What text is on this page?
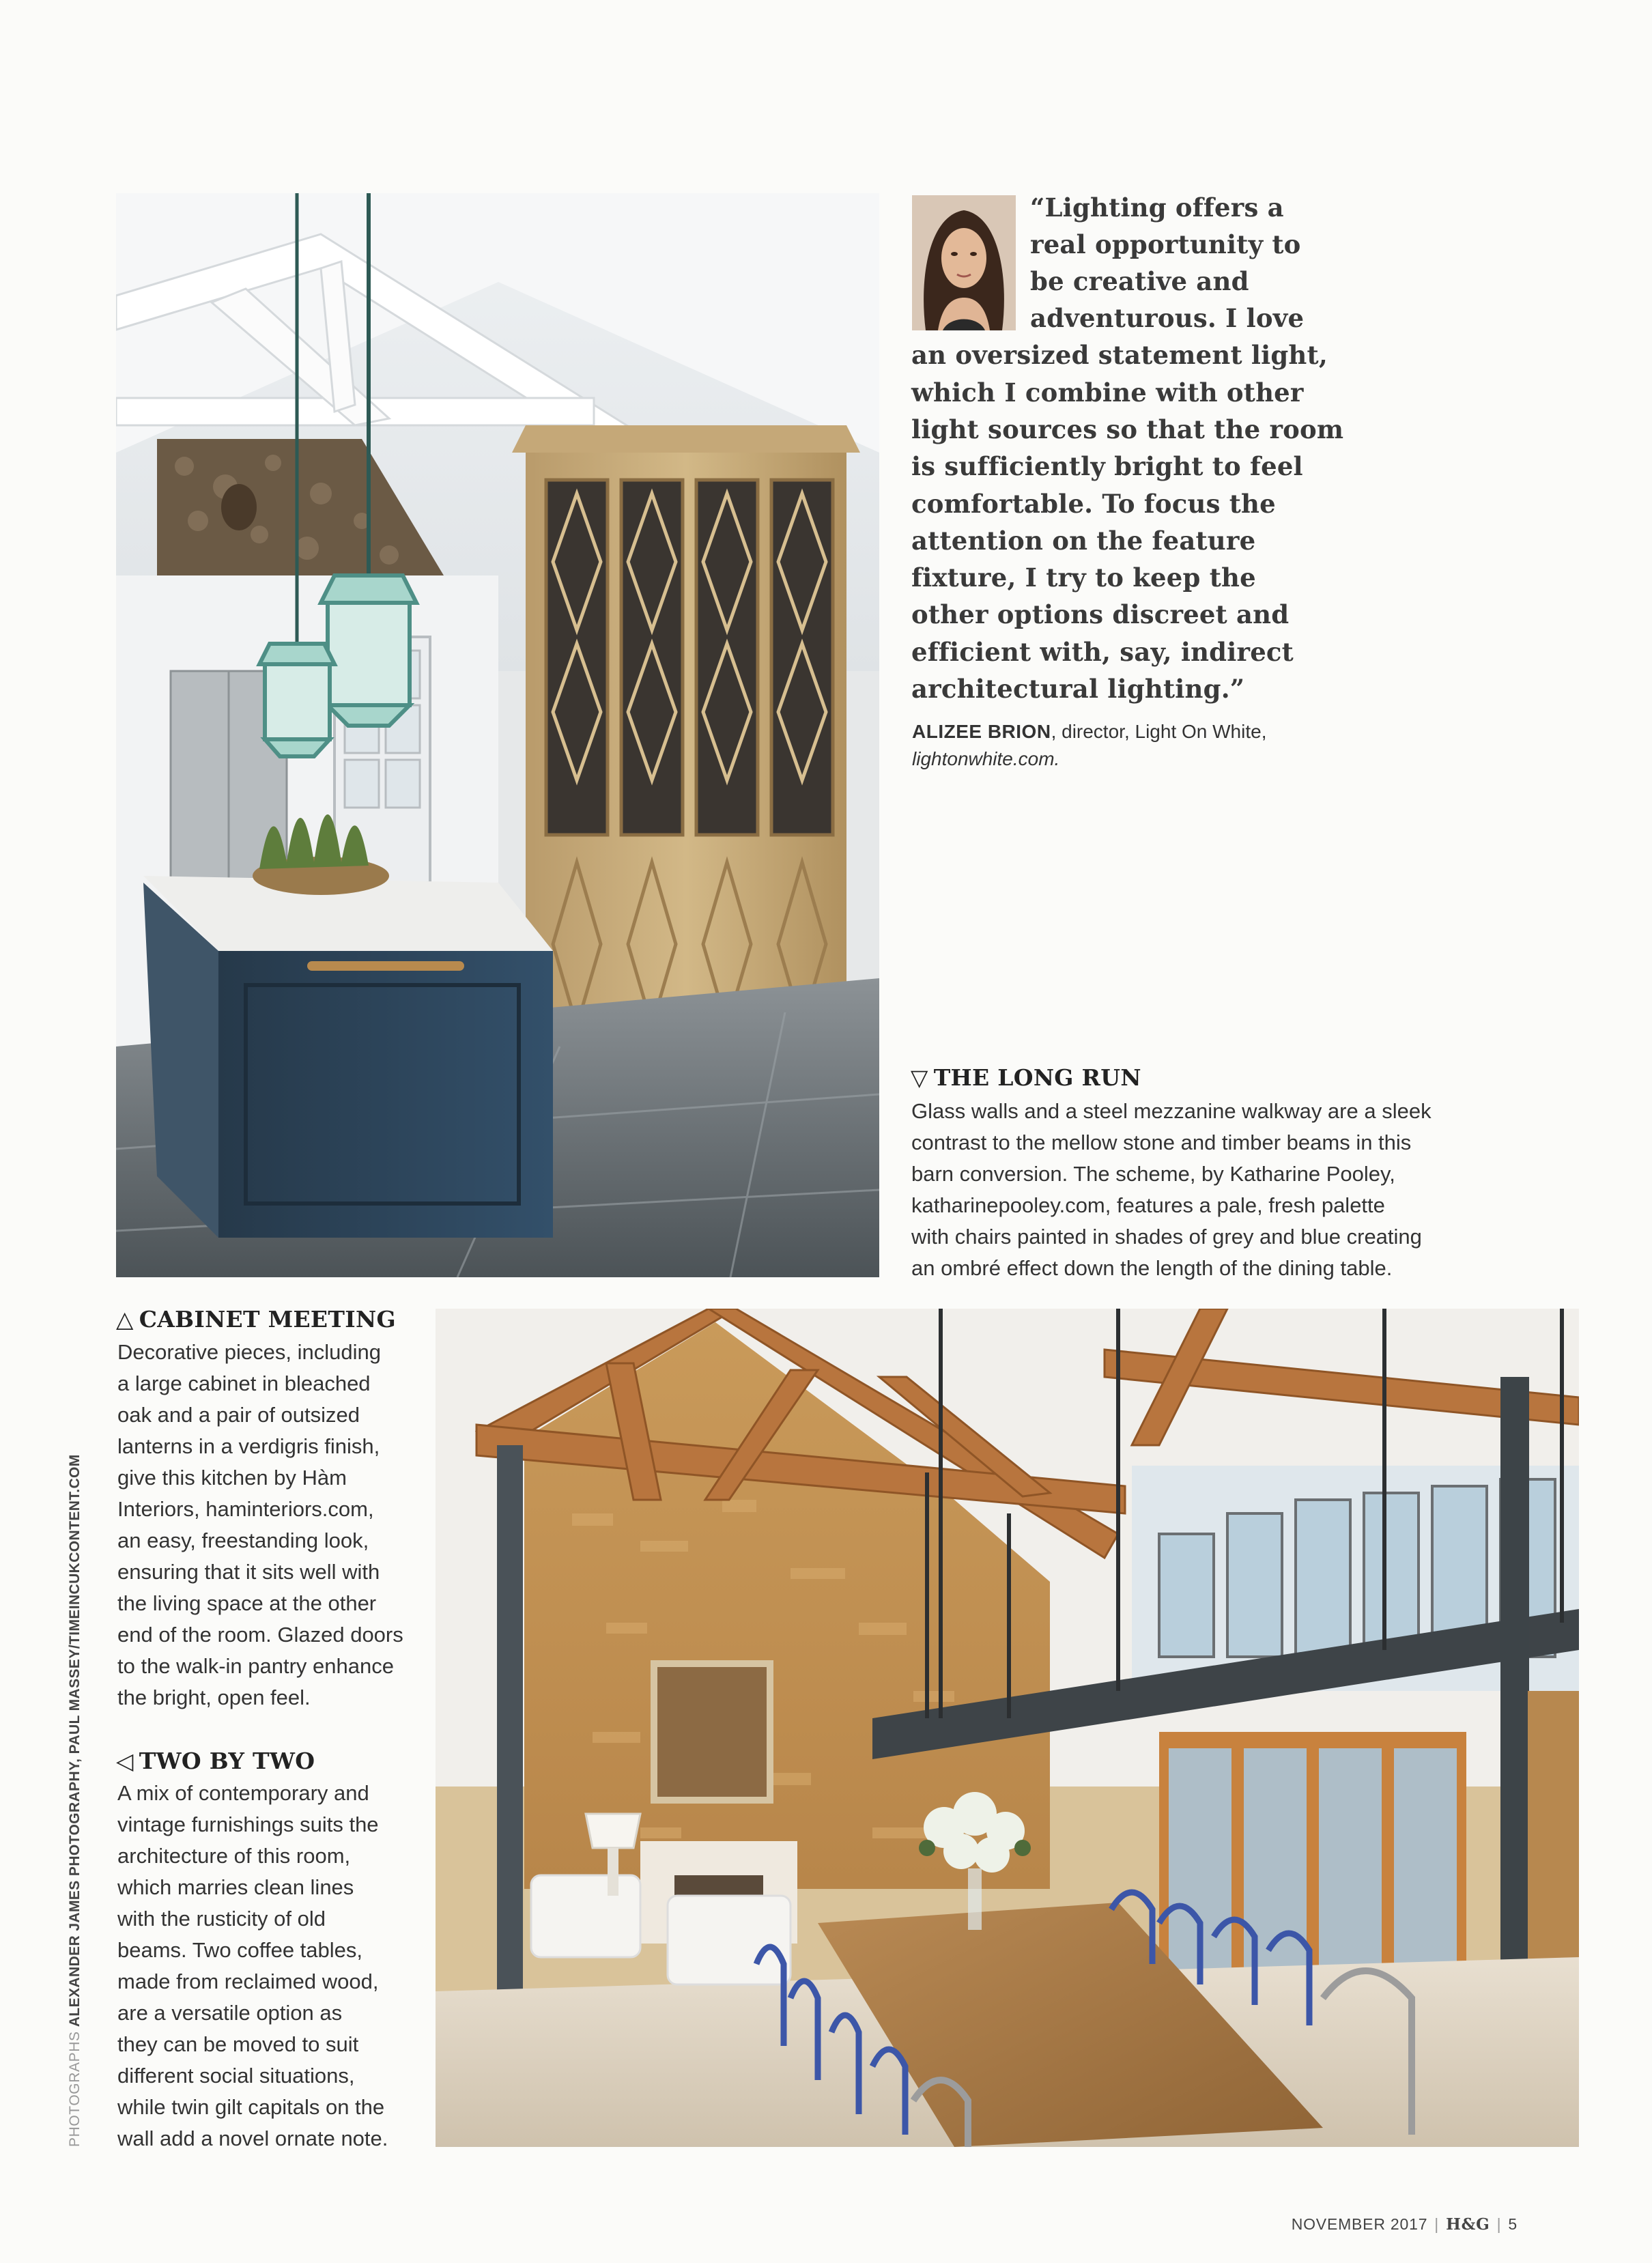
“Lighting offers a
real opportunity to
be creative and
adventurous. I love
an oversized statement light,
which I combine with other
light sources so that the room
is sufficiently bright to feel
comfortable. To focus the
attention on the feature
fixture, I try to keep the
other options discreet and
efficient with, say, indirect
architectural lighting.”
ALIZEE BRION, director, Light On White,
lightonwhite.com.
▽ THE LONG RUN
Glass walls and a steel mezzanine walkway are a sleek
contrast to the mellow stone and timber beams in this
barn conversion. The scheme, by Katharine Pooley,
katharinepooley.com, features a pale, fresh palette
with chairs painted in shades of grey and blue creating
an ombré effect down the length of the dining table.
△ CABINET MEETING
Decorative pieces, including
a large cabinet in bleached
oak and a pair of outsized
lanterns in a verdigris finish,
give this kitchen by Hàm
Interiors, haminteriors.com,
an easy, freestanding look,
ensuring that it sits well with
the living space at the other
end of the room. Glazed doors
to the walk-in pantry enhance
the bright, open feel.
◁ TWO BY TWO
A mix of contemporary and
vintage furnishings suits the
architecture of this room,
which marries clean lines
with the rusticity of old
beams. Two coffee tables,
made from reclaimed wood,
are a versatile option as
they can be moved to suit
different social situations,
while twin gilt capitals on the
wall add a novel ornate note.
PHOTOGRAPHS ALEXANDER JAMES PHOTOGRAPHY, PAUL MASSEY/TIMEINCUKCONTENT.COM
NOVEMBER 2017 | H&G | 5
